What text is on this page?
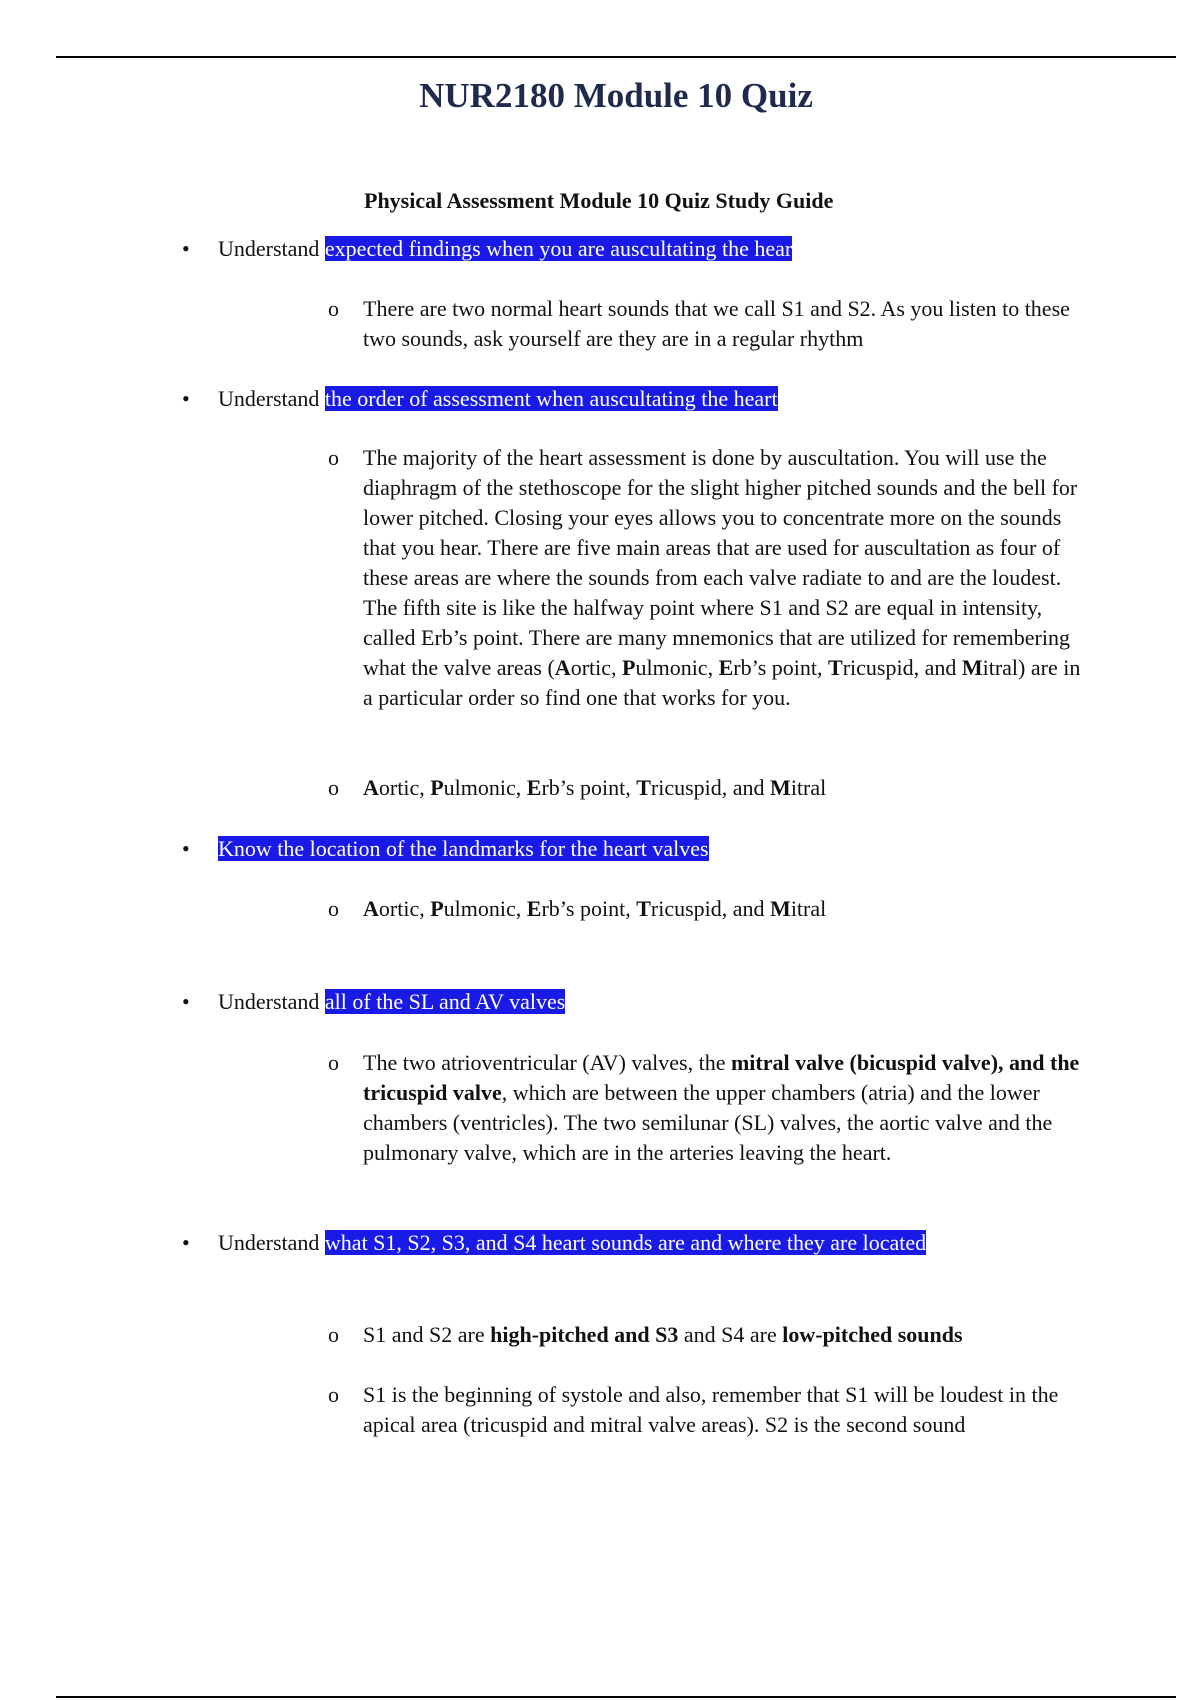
NUR2180 Module 10 Quiz
Physical Assessment Module 10 Quiz Study Guide
• Understand expected findings when you are auscultating the hear
o There are two normal heart sounds that we call S1 and S2. As you listen to these two sounds, ask yourself are they are in a regular rhythm

• Understand the order of assessment when auscultating the heart
o The majority of the heart assessment is done by auscultation. You will use the diaphragm of the stethoscope for the slight higher pitched sounds and the bell for lower pitched. Closing your eyes allows you to concentrate more on the sounds that you hear. There are five main areas that are used for auscultation as four of these areas are where the sounds from each valve radiate to and are the loudest. The fifth site is like the halfway point where S1 and S2 are equal in intensity, called Erb’s point. There are many mnemonics that are utilized for remembering what the valve areas (Aortic, Pulmonic, Erb’s point, Tricuspid, and Mitral) are in a particular order so find one that works for you.

o Aortic, Pulmonic, Erb’s point, Tricuspid, and Mitral

• Know the location of the landmarks for the heart valves
o Aortic, Pulmonic, Erb’s point, Tricuspid, and Mitral

• Understand all of the SL and AV valves
o The two atrioventricular (AV) valves, the mitral valve (bicuspid valve), and the tricuspid valve, which are between the upper chambers (atria) and the lower chambers (ventricles). The two semilunar (SL) valves, the aortic valve and the pulmonary valve, which are in the arteries leaving the heart.

• Understand what S1, S2, S3, and S4 heart sounds are and where they are located
o S1 and S2 are high-pitched and S3 and S4 are low-pitched sounds

o S1 is the beginning of systole and also, remember that S1 will be loudest in the apical area (tricuspid and mitral valve areas). S2 is the second sound
